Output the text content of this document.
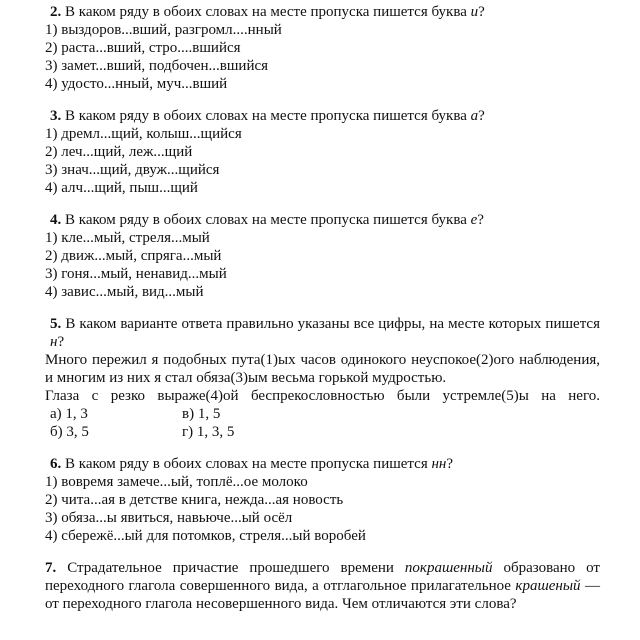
2. В каком ряду в обоих словах на месте пропуска пишется буква и?
1) выздоров...вший, разгромл....нный
2) раста...вший, стро....вшийся
3) замет...вший, подбочен...вшийся
4) удосто...нный, муч...вший
3. В каком ряду в обоих словах на месте пропуска пишется буква а?
1) дремл...щий, колыш...щийся
2) леч...щий, леж...щий
3) знач...щий, двуж...щийся
4) алч...щий, пыш...щий
4. В каком ряду в обоих словах на месте пропуска пишется буква е?
1) кле...мый, стреля...мый
2) движ...мый, спряга...мый
3) гоня...мый, ненавид...мый
4) завис...мый, вид...мый
5. В каком варианте ответа правильно указаны все цифры, на месте которых пишется н?
Много пережил я подобных пута(1)ых часов одинокого неуспокое(2)ого наблюдения, и многим из них я стал обяза(3)ым весьма горькой мудростью.
Глаза с резко выраже(4)ой беспрекословностью были устремле(5)ы на него.
а) 1, 3	в) 1, 5
б) 3, 5	г) 1, 3, 5
6. В каком ряду в обоих словах на месте пропуска пишется нн?
1) вовремя замече...ый, топлё...ое молоко
2) чита...ая в детстве книга, нежда...ая новость
3) обяза...ы явиться, навьюче...ый осёл
4) сбережё...ый для потомков, стреля...ый воробей
7. Страдательное причастие прошедшего времени покрашенный образовано от переходного глагола совершенного вида, а отглагольное прилагательное крашеный — от переходного глагола несовершенного вида. Чем отличаются эти слова?
